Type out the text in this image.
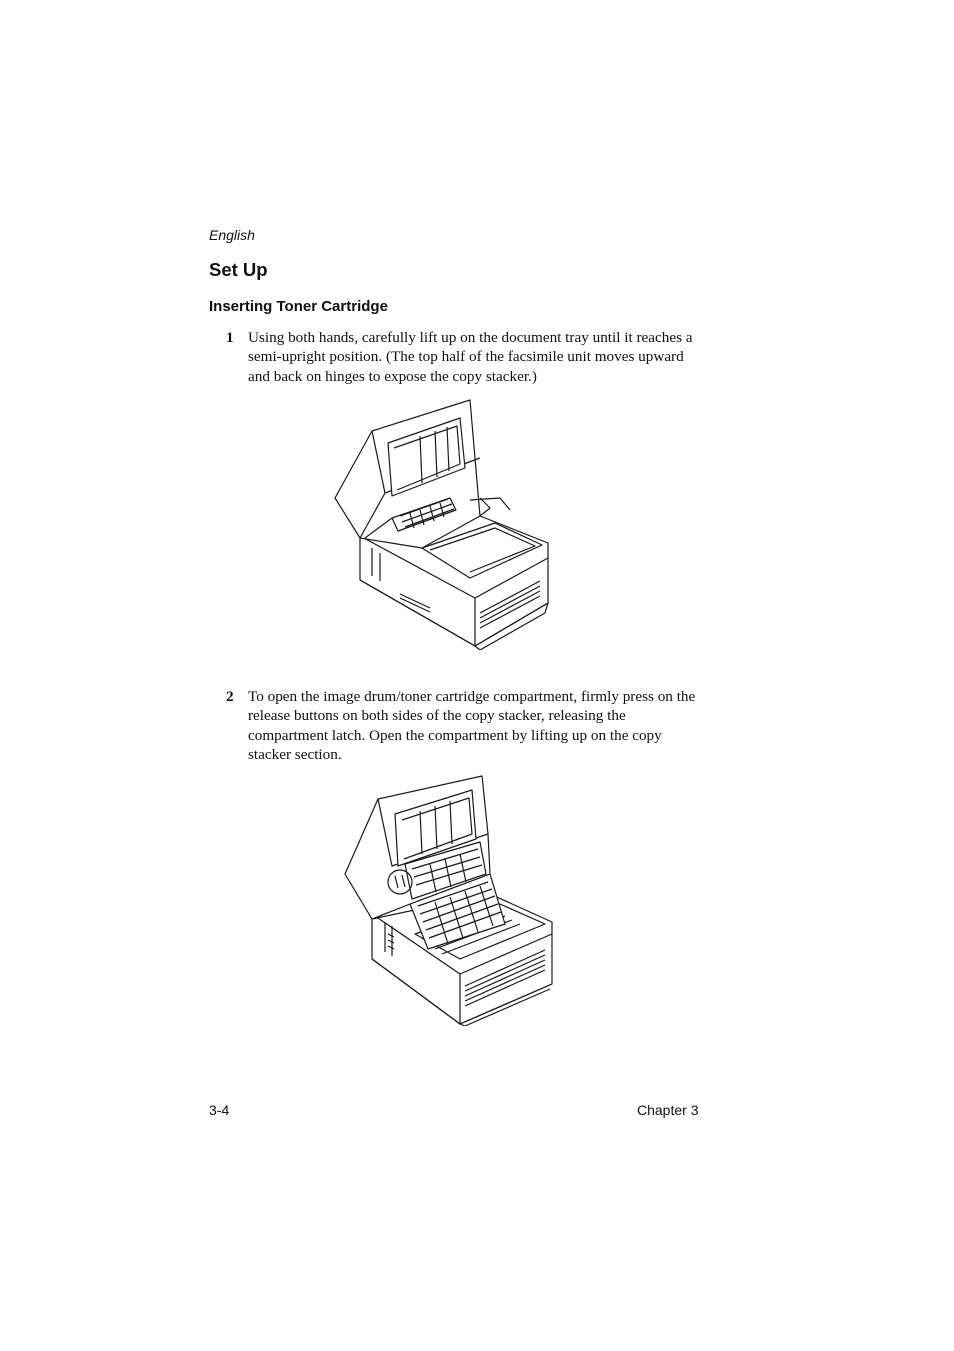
English
Set Up
Inserting Toner Cartridge
1 Using both hands, carefully lift up on the document tray until it reaches a semi-upright position. (The top half of the facsimile unit moves upward and back on hinges to expose the copy stacker.)
2 To open the image drum/toner cartridge compartment, firmly press on the release buttons on both sides of the copy stacker, releasing the compartment latch. Open the compartment by lifting up on the copy stacker section.
3-4	Chapter 3
